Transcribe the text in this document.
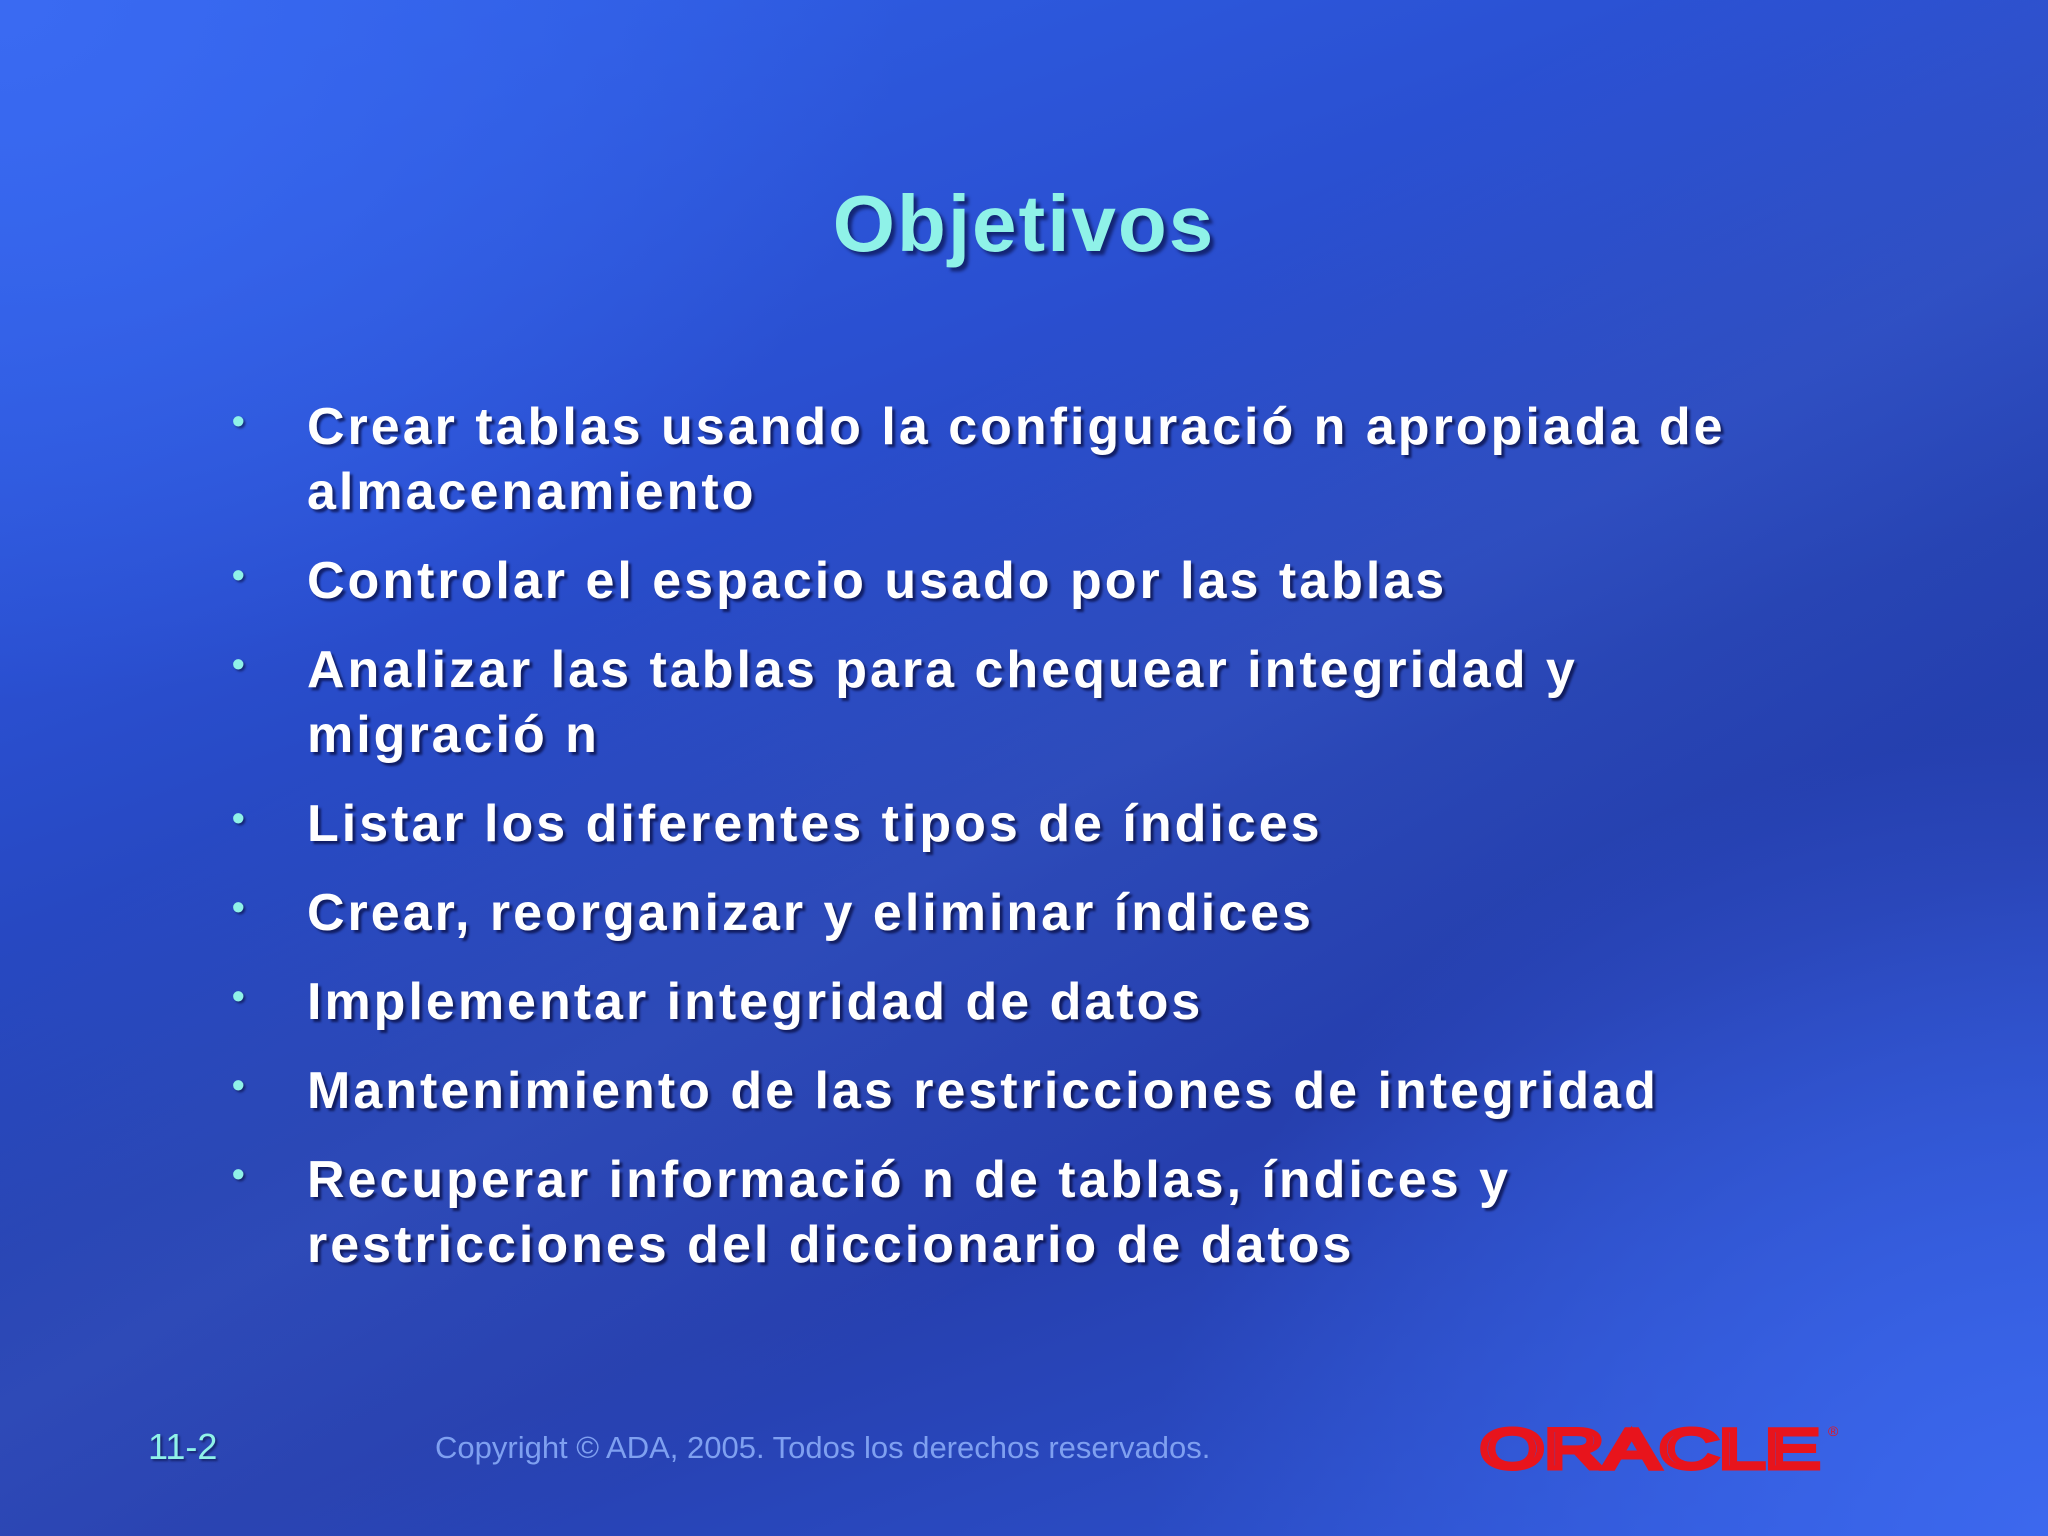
Objetivos
• Crear tablas usando la configuració n apropiada de almacenamiento
• Controlar el espacio usado por las tablas
• Analizar las tablas para chequear integridad y migració n
• Listar los diferentes tipos de índices
• Crear, reorganizar y eliminar índices
• Implementar integridad de datos
• Mantenimiento de las restricciones de integridad
• Recuperar informació n de tablas, índices y restricciones del diccionario de datos
11-2	Copyright © ADA, 2005. Todos los derechos reservados.	ORACLE ®
